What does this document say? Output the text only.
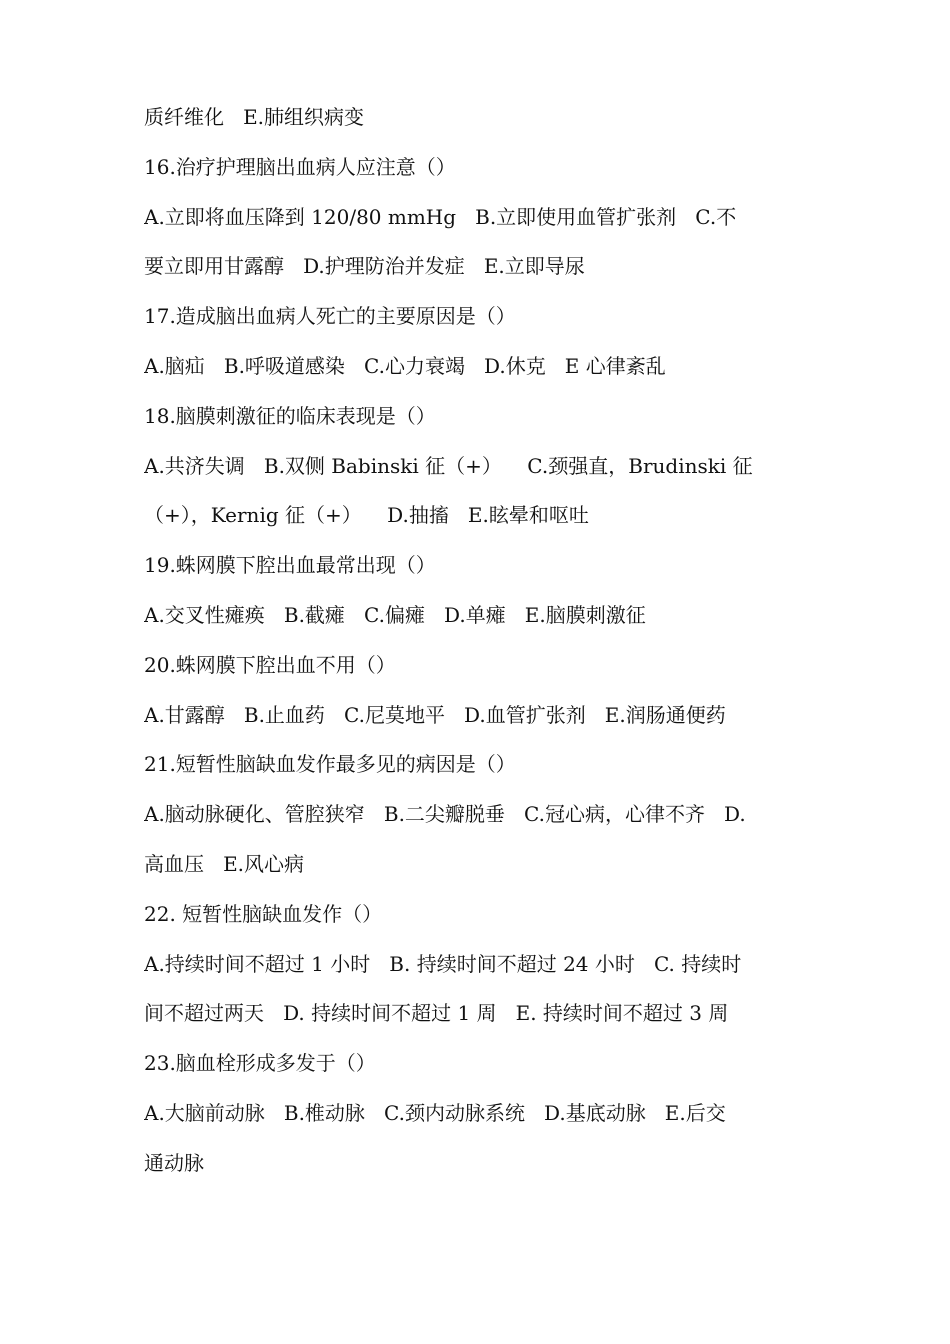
质纤维化   E.肺组织病变
16.治疗护理脑出血病人应注意（）
A.立即将血压降到 120/80 mmHg   B.立即使用血管扩张剂   C.不
要立即用甘露醇   D.护理防治并发症   E.立即导尿
17.造成脑出血病人死亡的主要原因是（）
A.脑疝   B.呼吸道感染   C.心力衰竭   D.休克   E 心律紊乱
18.脑膜刺激征的临床表现是（）
A.共济失调   B.双侧 Babinski 征（+）    C.颈强直，Brudinski 征
（+），Kernig 征（+）    D.抽搐   E.眩晕和呕吐
19.蛛网膜下腔出血最常出现（）
A.交叉性瘫痪   B.截瘫   C.偏瘫   D.单瘫   E.脑膜刺激征
20.蛛网膜下腔出血不用（）
A.甘露醇   B.止血药   C.尼莫地平   D.血管扩张剂   E.润肠通便药
21.短暂性脑缺血发作最多见的病因是（）
A.脑动脉硬化、管腔狭窄   B.二尖瓣脱垂   C.冠心病，心律不齐   D.
高血压   E.风心病
22. 短暂性脑缺血发作（）
A.持续时间不超过 1 小时   B. 持续时间不超过 24 小时   C. 持续时
间不超过两天   D. 持续时间不超过 1 周   E. 持续时间不超过 3 周
23.脑血栓形成多发于（）
A.大脑前动脉   B.椎动脉   C.颈内动脉系统   D.基底动脉   E.后交
通动脉
